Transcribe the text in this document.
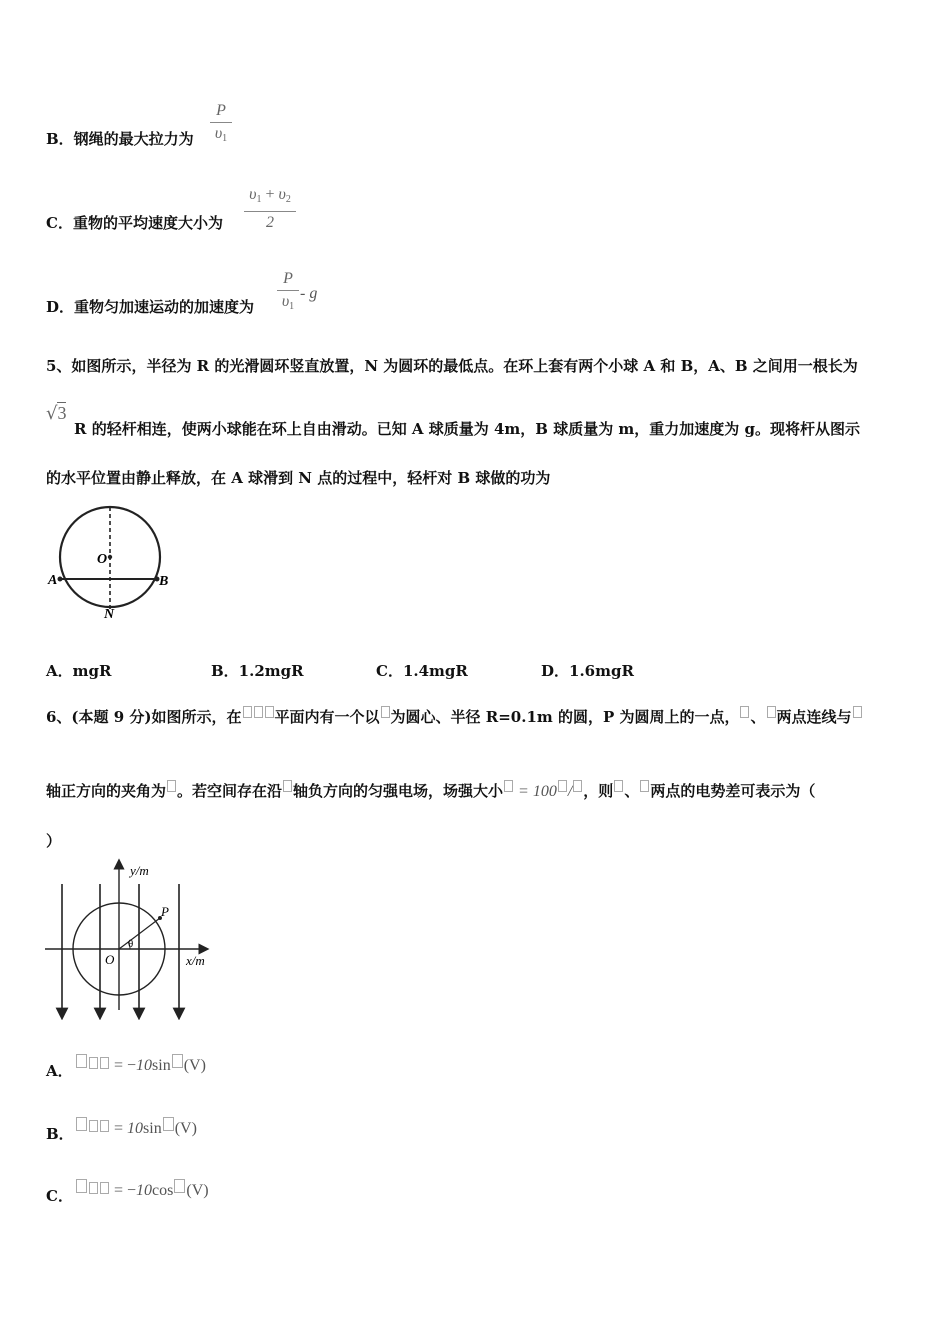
B．钢绳的最大拉力为
P
$\upsilon_1$
C．重物的平均速度大小为
$\upsilon_1 + \upsilon_2$
2
D．重物匀加速运动的加速度为
P
$\upsilon_1$
- g
5、如图所示，半径为 R 的光滑圆环竖直放置，N 为圆环的最低点。在环上套有两个小球 A 和 B，A、B 之间用一根长为
√3
R 的轻杆相连，使两小球能在环上自由滑动。已知 A 球质量为 4m，B 球质量为 m，重力加速度为 g。现将杆从图示
的水平位置由静止释放，在 A 球滑到 N 点的过程中，轻杆对 B 球做的功为
O
A	B
N
A．mgR	B．1.2mgR	C．1.4mgR	D．1.6mgR
6、(本题 9 分)如图所示，在 平面内有一个以 为圆心、半径 R=0.1m 的圆，P 为圆周上的一点， 、 两点连线与
轴正方向的夹角为 。若空间存在沿 轴负方向的匀强电场，场强大小 = 100 / ，则 、 两点的电势差可表示为（
）
y/m
x/m
P
O
θ
A．	= −10sin (V)
B．	= 10sin (V)
C．	= −10cos (V)
